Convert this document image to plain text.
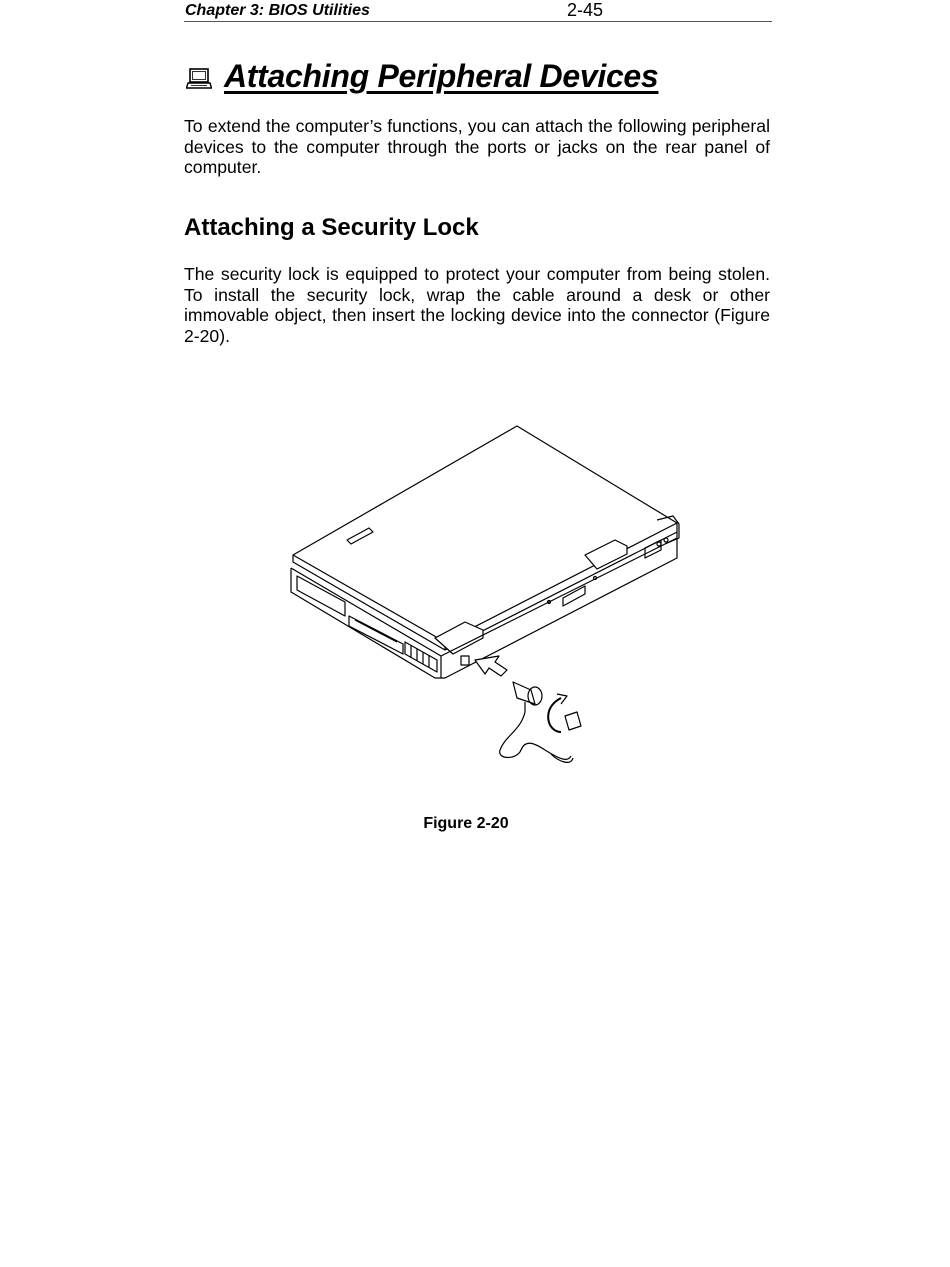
Chapter 3: BIOS Utilities	2-45
Attaching Peripheral Devices

To extend the computer’s functions, you can attach the following peripheral devices to the computer through the ports or jacks on the rear panel of computer.

Attaching a Security Lock

The security lock is equipped to protect your computer from being stolen. To install the security lock, wrap the cable around a desk or other immovable object, then insert the locking device into the connector (Figure 2-20).

Figure 2-20
